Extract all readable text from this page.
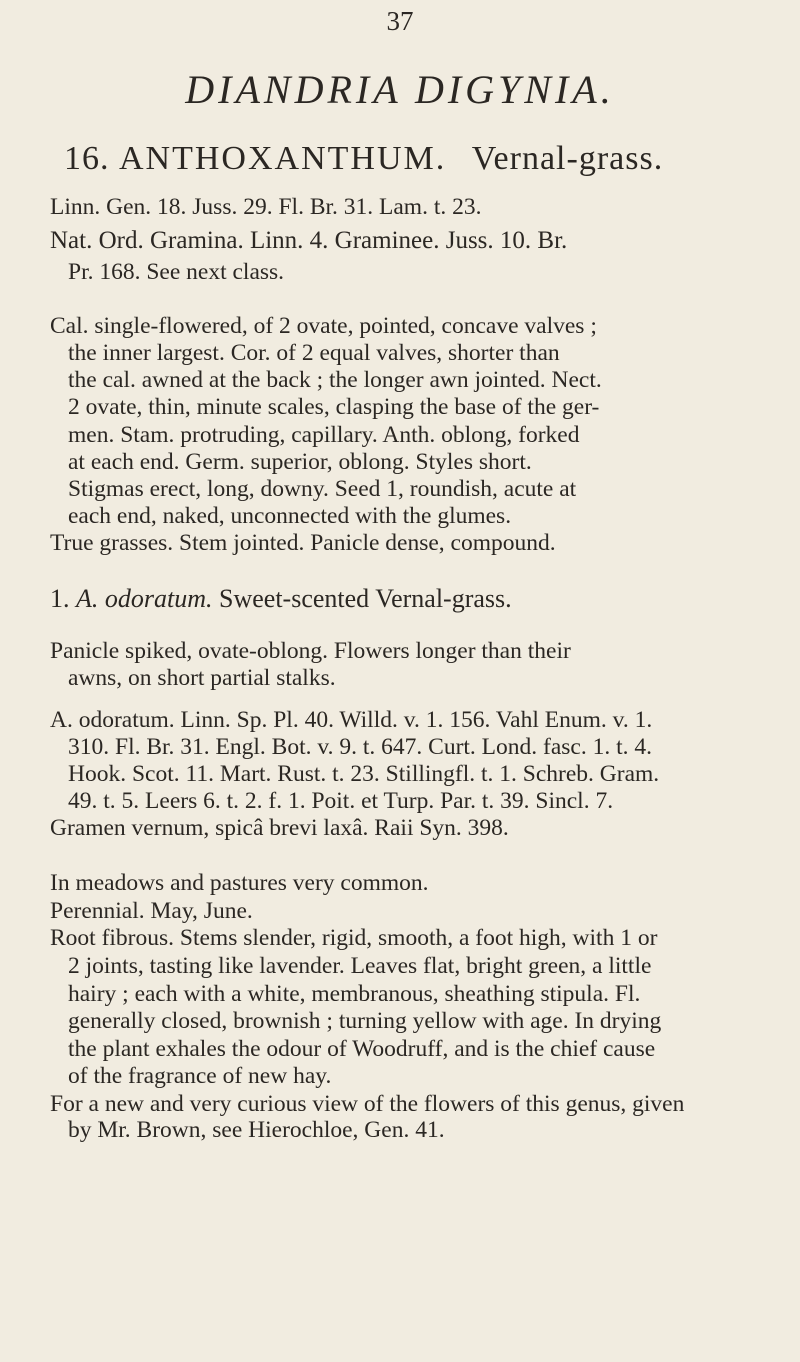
37
DIANDRIA DIGYNIA.
16. ANTHOXANTHUM. Vernal-grass.
Linn. Gen. 18. Juss. 29. Fl. Br. 31. Lam. t. 23.
Nat. Ord. Gramina. Linn. 4. Graminee. Juss. 10. Br.
Pr. 168. See next class.
Cal. single-flowered, of 2 ovate, pointed, concave valves ;
the inner largest. Cor. of 2 equal valves, shorter than
the cal. awned at the back ; the longer awn jointed. Nect.
2 ovate, thin, minute scales, clasping the base of the ger-
men. Stam. protruding, capillary. Anth. oblong, forked
at each end. Germ. superior, oblong. Styles short.
Stigmas erect, long, downy. Seed 1, roundish, acute at
each end, naked, unconnected with the glumes.
True grasses. Stem jointed. Panicle dense, compound.
1. A. odoratum. Sweet-scented Vernal-grass.
Panicle spiked, ovate-oblong. Flowers longer than their
awns, on short partial stalks.
A. odoratum. Linn. Sp. Pl. 40. Willd. v. 1. 156. Vahl Enum. v. 1.
310. Fl. Br. 31. Engl. Bot. v. 9. t. 647. Curt. Lond. fasc. 1. t. 4.
Hook. Scot. 11. Mart. Rust. t. 23. Stillingfl. t. 1. Schreb. Gram.
49. t. 5. Leers 6. t. 2. f. 1. Poit. et Turp. Par. t. 39. Sincl. 7.
Gramen vernum, spicâ brevi laxâ. Raii Syn. 398.
In meadows and pastures very common.
Perennial. May, June.
Root fibrous. Stems slender, rigid, smooth, a foot high, with 1 or
2 joints, tasting like lavender. Leaves flat, bright green, a little
hairy ; each with a white, membranous, sheathing stipula. Fl.
generally closed, brownish ; turning yellow with age. In drying
the plant exhales the odour of Woodruff, and is the chief cause
of the fragrance of new hay.
For a new and very curious view of the flowers of this genus, given
by Mr. Brown, see Hierochloe, Gen. 41.
